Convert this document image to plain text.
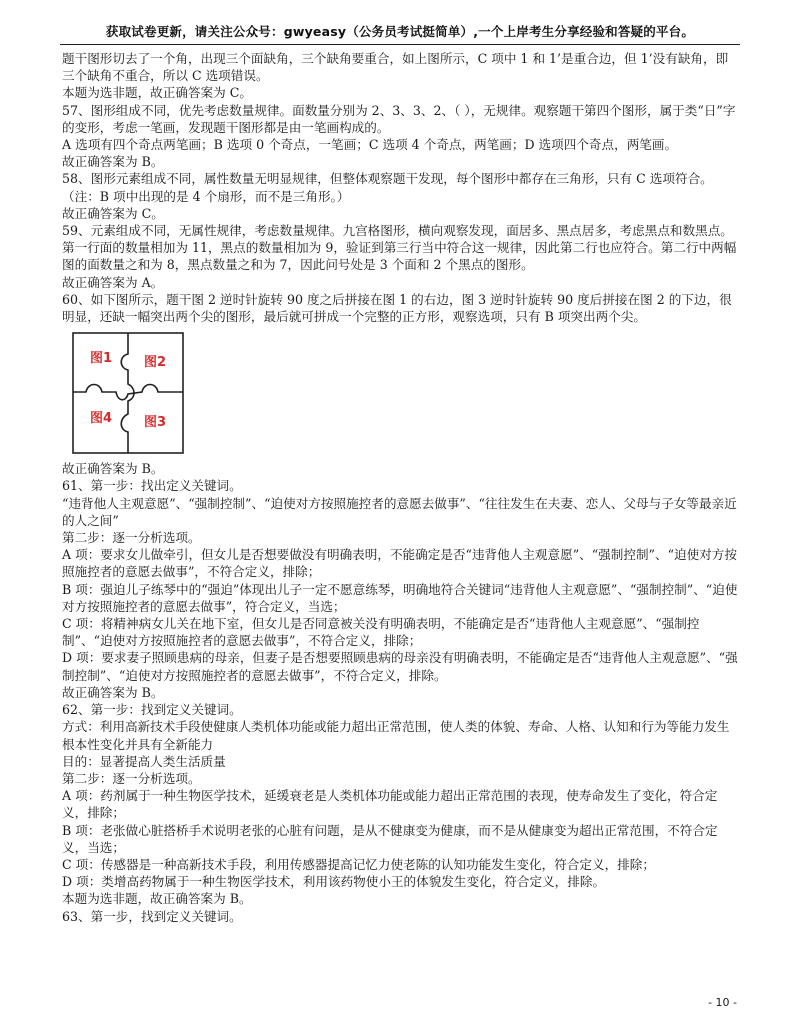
获取试卷更新，请关注公众号：gwyeasy（公务员考试挺简单）,一个上岸考生分享经验和答疑的平台。

题干图形切去了一个角，出现三个面缺角，三个缺角要重合，如上图所示，C 项中 1 和 1’是重合边，但 1’没有缺角，即三个缺角不重合，所以 C 选项错误。

本题为选非题，故正确答案为 C。

57、图形组成不同，优先考虑数量规律。面数量分别为 2、3、3、2、（ ），无规律。观察题干第四个图形，属于类“日”字的变形，考虑一笔画，发现题干图形都是由一笔画构成的。

A 选项有四个奇点两笔画；B 选项 0 个奇点，一笔画；C 选项 4 个奇点，两笔画；D 选项四个奇点，两笔画。

故正确答案为 B。

58、图形元素组成不同，属性数量无明显规律，但整体观察题干发现，每个图形中都存在三角形，只有 C 选项符合。（注：B 项中出现的是 4 个扇形，而不是三角形。）

故正确答案为 C。

59、元素组成不同，无属性规律，考虑数量规律。九宫格图形，横向观察发现，面居多、黑点居多，考虑黑点和数黑点。第一行面的数量相加为 11，黑点的数量相加为 9，验证到第三行当中符合这一规律，因此第二行也应符合。第二行中两幅图的面数量之和为 8，黑点数量之和为 7，因此问号处是 3 个面和 2 个黑点的图形。

故正确答案为 A。

60、如下图所示，题干图 2 逆时针旋转 90 度之后拼接在图 1 的右边，图 3 逆时针旋转 90 度后拼接在图 2 的下边，很明显，还缺一幅突出两个尖的图形，最后就可拼成一个完整的正方形，观察选项，只有 B 项突出两个尖。

图1 图2
图4 图3

故正确答案为 B。

61、第一步：找出定义关键词。

“违背他人主观意愿”、“强制控制”、“迫使对方按照施控者的意愿去做事”、“往往发生在夫妻、恋人、父母与子女等最亲近的人之间”

第二步：逐一分析选项。

A 项：要求女儿做牵引，但女儿是否想要做没有明确表明，不能确定是否“违背他人主观意愿”、“强制控制”、“迫使对方按照施控者的意愿去做事”，不符合定义，排除；

B 项：强迫儿子练琴中的“强迫”体现出儿子一定不愿意练琴，明确地符合关键词“违背他人主观意愿”、“强制控制”、“迫使对方按照施控者的意愿去做事”，符合定义，当选；

C 项：将精神病女儿关在地下室，但女儿是否同意被关没有明确表明，不能确定是否“违背他人主观意愿”、“强制控制”、“迫使对方按照施控者的意愿去做事”，不符合定义，排除；

D 项：要求妻子照顾患病的母亲，但妻子是否想要照顾患病的母亲没有明确表明，不能确定是否“违背他人主观意愿”、“强制控制”、“迫使对方按照施控者的意愿去做事”，不符合定义，排除。

故正确答案为 B。

62、第一步：找到定义关键词。

方式：利用高新技术手段使健康人类机体功能或能力超出正常范围，使人类的体貌、寿命、人格、认知和行为等能力发生根本性变化并具有全新能力

目的：显著提高人类生活质量

第二步：逐一分析选项。

A 项：药剂属于一种生物医学技术，延缓衰老是人类机体功能或能力超出正常范围的表现，使寿命发生了变化，符合定义，排除；

B 项：老张做心脏搭桥手术说明老张的心脏有问题，是从不健康变为健康，而不是从健康变为超出正常范围，不符合定义，当选；

C 项：传感器是一种高新技术手段，利用传感器提高记忆力使老陈的认知功能发生变化，符合定义，排除；

D 项：类增高药物属于一种生物医学技术，利用该药物使小王的体貌发生变化，符合定义，排除。

本题为选非题，故正确答案为 B。

63、第一步，找到定义关键词。

- 10 -
